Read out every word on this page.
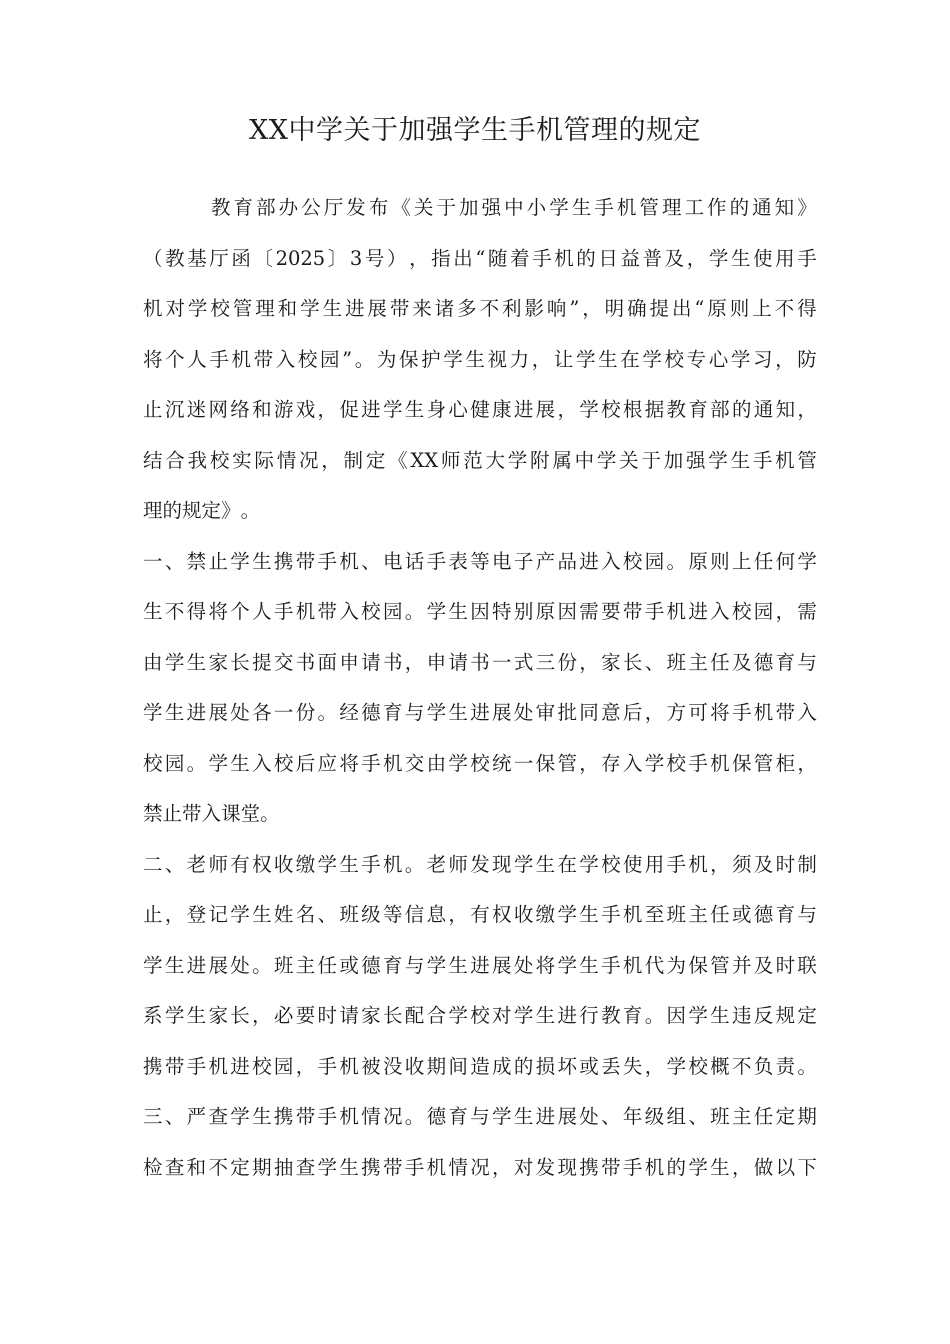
XX中学关于加强学生手机管理的规定
教 育 部 办 公 厅 发 布 《 关 于 加 强 中 小 学 生 手 机 管 理 工 作 的 通 知 》
（ 教 基 厅 函 〔 2025 〕 3 号 ） ， 指 出 “ 随 着 手 机 的 日 益 普 及 ， 学 生 使 用 手
机 对 学 校 管 理 和 学 生 进 展 带 来 诸 多 不 利 影 响 ” ， 明 确 提 出 “ 原 则 上 不 得
将 个 人 手 机 带 入 校 园 ” 。 为 保 护 学 生 视 力 ， 让 学 生 在 学 校 专 心 学 习 ， 防
止 沉 迷 网 络 和 游 戏 ， 促 进 学 生 身 心 健 康 进 展 ， 学 校 根 据 教 育 部 的 通 知 ，
结 合 我 校 实 际 情 况 ， 制 定 《 XX 师 范 大 学 附 属 中 学 关 于 加 强 学 生 手 机 管
理 的 规 定 》 。
一 、 禁 止 学 生 携 带 手 机 、 电 话 手 表 等 电 子 产 品 进 入 校 园 。 原 则 上 任 何 学
生 不 得 将 个 人 手 机 带 入 校 园 。 学 生 因 特 别 原 因 需 要 带 手 机 进 入 校 园 ， 需
由 学 生 家 长 提 交 书 面 申 请 书 ， 申 请 书 一 式 三 份 ， 家 长 、 班 主 任 及 德 育 与
学 生 进 展 处 各 一 份 。 经 德 育 与 学 生 进 展 处 审 批 同 意 后 ， 方 可 将 手 机 带 入
校 园 。 学 生 入 校 后 应 将 手 机 交 由 学 校 统 一 保 管 ， 存 入 学 校 手 机 保 管 柜 ，
禁 止 带 入 课 堂 。
二 、 老 师 有 权 收 缴 学 生 手 机 。 老 师 发 现 学 生 在 学 校 使 用 手 机 ， 须 及 时 制
止 ， 登 记 学 生 姓 名 、 班 级 等 信 息 ， 有 权 收 缴 学 生 手 机 至 班 主 任 或 德 育 与
学 生 进 展 处 。 班 主 任 或 德 育 与 学 生 进 展 处 将 学 生 手 机 代 为 保 管 并 及 时 联
系 学 生 家 长 ， 必 要 时 请 家 长 配 合 学 校 对 学 生 进 行 教 育 。 因 学 生 违 反 规 定
携 带 手 机 进 校 园 ， 手 机 被 没 收 期 间 造 成 的 损 坏 或 丢 失 ， 学 校 概 不 负 责 。
三 、 严 查 学 生 携 带 手 机 情 况 。 德 育 与 学 生 进 展 处 、 年 级 组 、 班 主 任 定 期
检 查 和 不 定 期 抽 查 学 生 携 带 手 机 情 况 ， 对 发 现 携 带 手 机 的 学 生 ， 做 以 下
